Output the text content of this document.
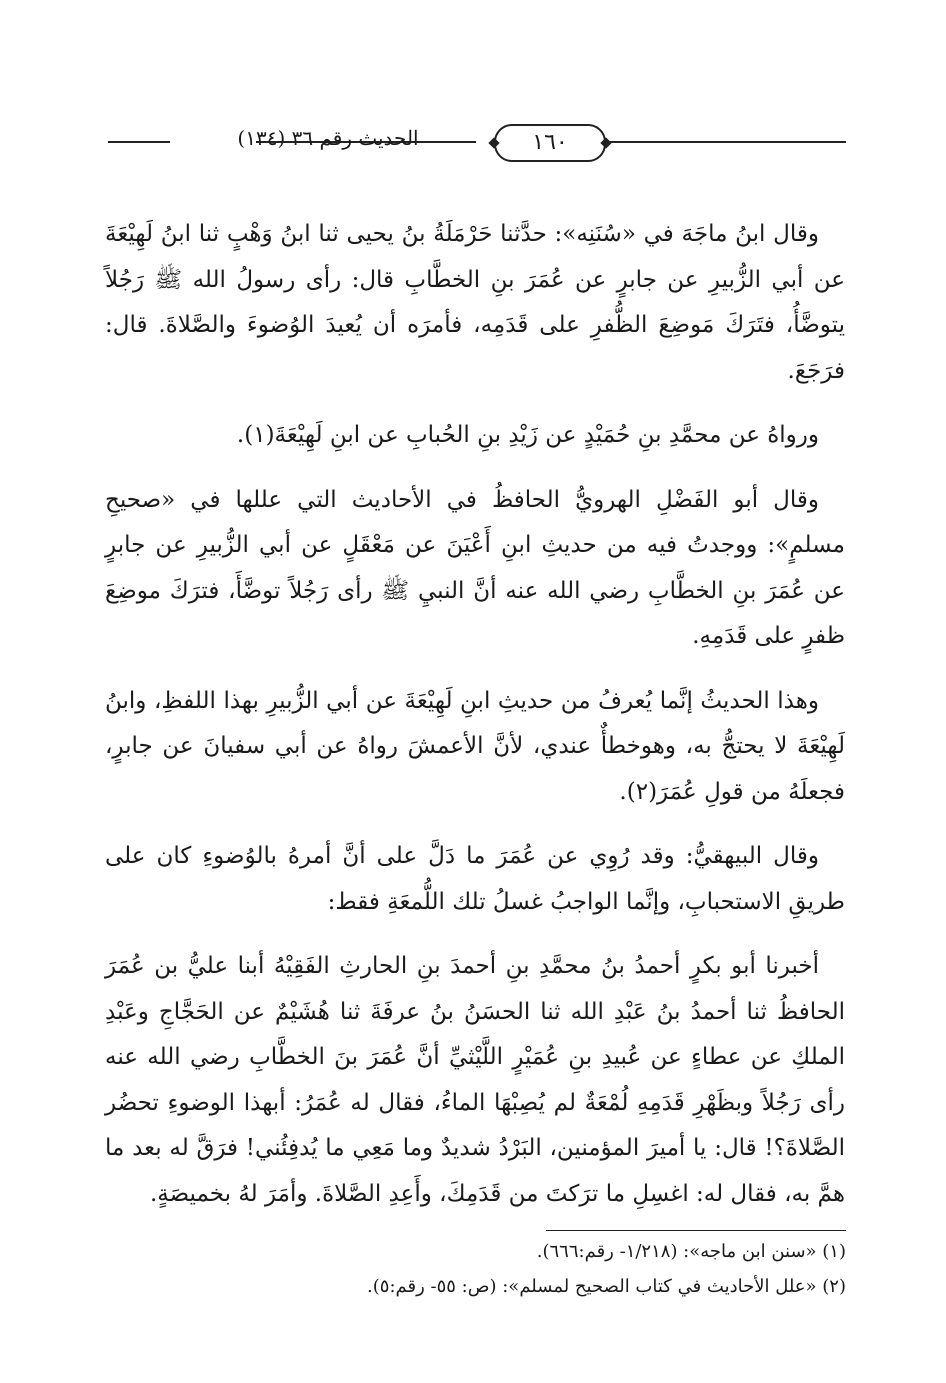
١٦٠
الحديث رقم ٣٦ (١٣٤)

وقال ابنُ ماجَهَ في «سُنَنِه»: حدَّثنا حَرْمَلَةُ بنُ يحيى ثنا ابنُ وَهْبٍ ثنا ابنُ لَهِيْعَةَ عن أبي الزُّبيرِ عن جابرٍ عن عُمَرَ بنِ الخطَّابِ قال: رأى رسولُ الله ﷺ رَجُلاً يتوضَّأُ، فتَرَكَ مَوضِعَ الظُّفرِ على قَدَمِه، فأمرَه أن يُعيدَ الوُضوءَ والصَّلاةَ. قال: فرَجَعَ.

ورواهُ عن محمَّدِ بنِ حُمَيْدٍ عن زَيْدِ بنِ الحُبابِ عن ابنِ لَهِيْعَةَ(١).

وقال أبو الفَضْلِ الهرويُّ الحافظُ في الأحاديث التي عللها في «صحيحِ مسلمٍ»: ووجدتُ فيه من حديثِ ابنِ أَعْيَنَ عن مَعْقَلٍ عن أبي الزُّبيرِ عن جابرٍ عن عُمَرَ بنِ الخطَّابِ رضي الله عنه أنَّ النبيِ ﷺ رأى رَجُلاً توضَّأَ، فترَكَ موضِعَ ظفرٍ على قَدَمِهِ.

وهذا الحديثُ إنَّما يُعرفُ من حديثِ ابنِ لَهِيْعَةَ عن أبي الزُّبيرِ بهذا اللفظِ، وابنُ لَهِيْعَةَ لا يحتجُّ به، وهوخطأٌ عندي، لأنَّ الأعمشَ رواهُ عن أبي سفيانَ عن جابرٍ، فجعلَهُ من قولِ عُمَرَ(٢).

وقال البيهقيُّ: وقد رُوِي عن عُمَرَ ما دَلَّ على أنَّ أمرهُ بالوُضوءِ كان على طريقِ الاستحبابِ، وإنَّما الواجبُ غسلُ تلك اللُّمعَةِ فقط:

أخبرنا أبو بكرٍ أحمدُ بنُ محمَّدِ بنِ أحمدَ بنِ الحارثِ الفَقِيْهُ أبنا عليُّ بن عُمَرَ الحافظُ ثنا أحمدُ بنُ عَبْدِ الله ثنا الحسَنُ بنُ عرفَةَ ثنا هُشَيْمٌ عن الحَجَّاجِ وعَبْدِ الملكِ عن عطاءٍ عن عُبيدِ بنِ عُمَيْرٍ اللَّيْثيِّ أنَّ عُمَرَ بنَ الخطَّابِ رضي الله عنه رأى رَجُلاً وبظَهْرِ قَدَمِهِ لُمْعَةٌ لم يُصِبْهَا الماءُ، فقال له عُمَرُ: أبهذا الوضوءِ تحضُر الصَّلاةَ؟! قال: يا أميرَ المؤمنين، البَرْدُ شديدٌ وما مَعِي ما يُدفِئُني! فرَقَّ له بعد ما همَّ به، فقال له: اغسِلِ ما ترَكتَ من قَدَمِكَ، وأَعِدِ الصَّلاةَ. وأمَرَ لهُ بخميصَةٍ.

(١) «سنن ابن ماجه»: (١/٢١٨- رقم:٦٦٦).

(٢) «علل الأحاديث في كتاب الصحيح لمسلم»: (ص: ٥٥- رقم:٥).
